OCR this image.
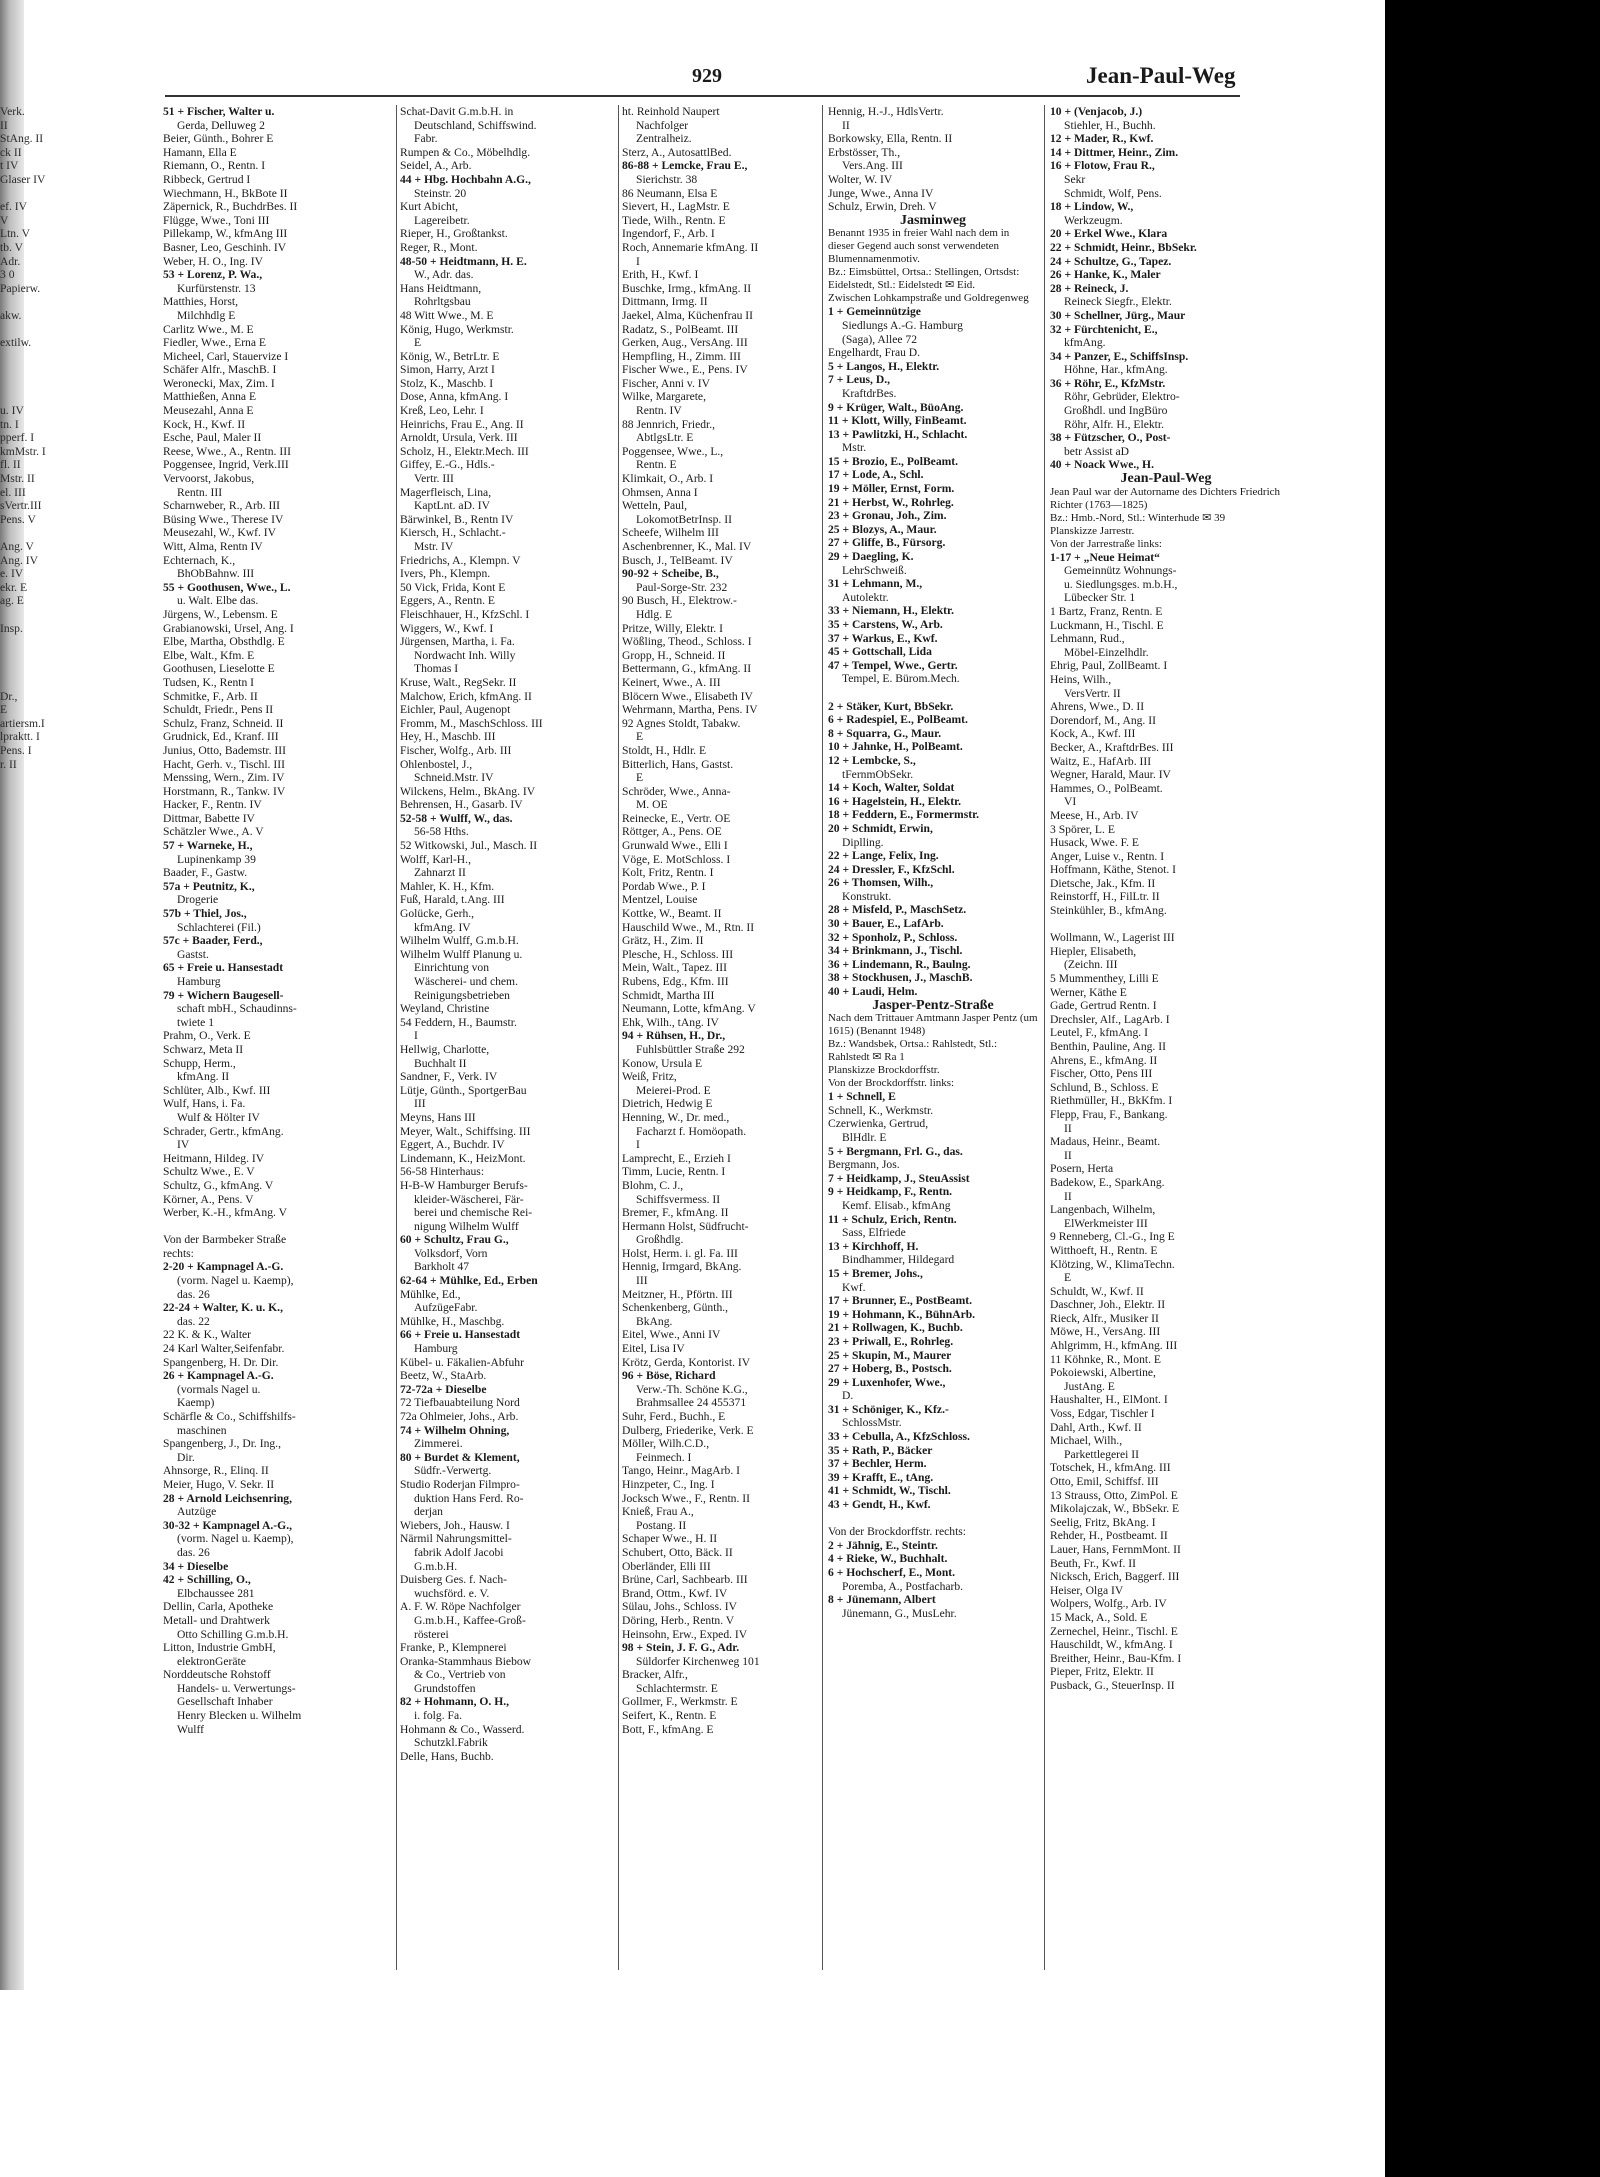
929	Jean-Paul-Weg

Verk.

II

StAng. II

ck II

t IV

Glaser IV

ef. IV

V

Ltn. V

tb. V

Adr.

3 0

Papierw.

akw.

extilw.

u. IV

tn. I

pperf. I

kmMstr. I

fl. II

Mstr. II

el. III

sVertr.III

Pens. V

Ang. V

Ang. IV

e. IV

ekr. E

ag. E

Insp.

Dr.,

E

artiersm.I

lpraktt. I

Pens. I

r. II

51 + Fischer, Walter u.

Gerda, Delluweg 2

Beier, Günth., Bohrer E

Hamann, Ella E

Riemann, O., Rentn. I

Ribbeck, Gertrud I

Wiechmann, H., BkBote II

Zäpernick, R., BuchdrBes. II

Flügge, Wwe., Toni III

Pillekamp, W., kfmAng III

Basner, Leo, Geschinh. IV

Weber, H. O., Ing. IV

53 + Lorenz, P. Wa.,

Kurfürstenstr. 13

Matthies, Horst,

Milchhdlg E

Carlitz Wwe., M. E

Fiedler, Wwe., Erna E

Micheel, Carl, Stauervize I

Schäfer Alfr., MaschB. I

Weronecki, Max, Zim. I

Matthießen, Anna E

Meusezahl, Anna E

Kock, H., Kwf. II

Esche, Paul, Maler II

Reese, Wwe., A., Rentn. III

Poggensee, Ingrid, Verk.III

Vervoorst, Jakobus,

Rentn. III

Scharnweber, R., Arb. III

Büsing Wwe., Therese IV

Meusezahl, W., Kwf. IV

Witt, Alma, Rentn IV

Echternach, K.,

BhObBahnw. III

55 + Goothusen, Wwe., L.

u. Walt. Elbe das.

Jürgens, W., Lebensm. E

Grabianowski, Ursel, Ang. I

Elbe, Martha, Obsthdlg. E

Elbe, Walt., Kfm. E

Goothusen, Lieselotte E

Tudsen, K., Rentn I

Schmitke, F., Arb. II

Schuldt, Friedr., Pens II

Schulz, Franz, Schneid. II

Grudnick, Ed., Kranf. III

Junius, Otto, Bademstr. III

Hacht, Gerh. v., Tischl. III

Menssing, Wern., Zim. IV

Horstmann, R., Tankw. IV

Hacker, F., Rentn. IV

Dittmar, Babette IV

Schätzler Wwe., A. V

57 + Warneke, H.,

Lupinenkamp 39

Baader, F., Gastw.

57a + Peutnitz, K.,

Drogerie

57b + Thiel, Jos.,

Schlachterei (Fil.)

57c + Baader, Ferd.,

Gastst.

65 + Freie u. Hansestadt

Hamburg

79 + Wichern Baugesell-

schaft mbH., Schaudinns-

twiete 1

Prahm, O., Verk. E

Schwarz, Meta II

Schupp, Herm.,

kfmAng. II

Schlüter, Alb., Kwf. III

Wulf, Hans, i. Fa.

Wulf & Hölter IV

Schrader, Gertr., kfmAng.

IV

Heitmann, Hildeg. IV

Schultz Wwe., E. V

Schultz, G., kfmAng. V

Körner, A., Pens. V

Werber, K.-H., kfmAng. V

Von der Barmbeker Straße

rechts:

2-20 + Kampnagel A.-G.

(vorm. Nagel u. Kaemp),

das. 26

22-24 + Walter, K. u. K.,

das. 22

22 K. & K., Walter

24 Karl Walter,Seifenfabr.

Spangenberg, H. Dr. Dir.

26 + Kampnagel A.-G.

(vormals Nagel u.

Kaemp)

Schärfle & Co., Schiffshilfs-

maschinen

Spangenberg, J., Dr. Ing.,

Dir.

Ahnsorge, R., Elinq. II

Meier, Hugo, V. Sekr. II

28 + Arnold Leichsenring,

Autzüge

30-32 + Kampnagel A.-G.,

(vorm. Nagel u. Kaemp),

das. 26

34 + Dieselbe

42 + Schilling, O.,

Elbchaussee 281

Dellin, Carla, Apotheke

Metall- und Drahtwerk

Otto Schilling G.m.b.H.

Litton, Industrie GmbH,

elektronGeräte

Norddeutsche Rohstoff

Handels- u. Verwertungs-

Gesellschaft Inhaber

Henry Blecken u. Wilhelm

Wulff

Schat-Davit G.m.b.H. in

Deutschland, Schiffswind.

Fabr.

Rumpen & Co., Möbelhdlg.

Seidel, A., Arb.

44 + Hbg. Hochbahn A.G.,

Steinstr. 20

Kurt Abicht,

Lagereibetr.

Rieper, H., Großtankst.

Reger, R., Mont.

48-50 + Heidtmann, H. E.

W., Adr. das.

Hans Heidtmann,

Rohrltgsbau

48 Witt Wwe., M. E

König, Hugo, Werkmstr.

E

König, W., BetrLtr. E

Simon, Harry, Arzt I

Stolz, K., Maschb. I

Dose, Anna, kfmAng. I

Kreß, Leo, Lehr. I

Heinrichs, Frau E., Ang. II

Arnoldt, Ursula, Verk. III

Scholz, H., Elektr.Mech. III

Giffey, E.-G., Hdls.-

Vertr. III

Magerfleisch, Lina,

KaptLnt. aD. IV

Bärwinkel, B., Rentn IV

Kiersch, H., Schlacht.-

Mstr. IV

Friedrichs, A., Klempn. V

Ivers, Ph., Klempn.

50 Vick, Frida, Kont E

Eggers, A., Rentn. E

Fleischhauer, H., KfzSchl. I

Wiggers, W., Kwf. I

Jürgensen, Martha, i. Fa.

Nordwacht Inh. Willy

Thomas I

Kruse, Walt., RegSekr. II

Malchow, Erich, kfmAng. II

Eichler, Paul, Augenopt

Fromm, M., MaschSchloss. III

Hey, H., Maschb. III

Fischer, Wolfg., Arb. III

Ohlenbostel, J.,

Schneid.Mstr. IV

Wilckens, Helm., BkAng. IV

Behrensen, H., Gasarb. IV

52-58 + Wulff, W., das.

56-58 Hths.

52 Witkowski, Jul., Masch. II

Wolff, Karl-H.,

Zahnarzt II

Mahler, K. H., Kfm.

Fuß, Harald, t.Ang. III

Golücke, Gerh.,

kfmAng. IV

Wilhelm Wulff, G.m.b.H.

Wilhelm Wulff Planung u.

Einrichtung von

Wäscherei- und chem.

Reinigungsbetrieben

Weyland, Christine

54 Feddern, H., Baumstr.

I

Hellwig, Charlotte,

Buchhalt II

Sandner, F., Verk. IV

Lütje, Günth., SportgerBau

III

Meyns, Hans III

Meyer, Walt., Schiffsing. III

Eggert, A., Buchdr. IV

Lindemann, K., HeizMont.

56-58 Hinterhaus:

H-B-W Hamburger Berufs-

kleider-Wäscherei, Fär-

berei und chemische Rei-

nigung Wilhelm Wulff

60 + Schultz, Frau G.,

Volksdorf, Vorn

Barkholt 47

62-64 + Mühlke, Ed., Erben

Mühlke, Ed.,

AufzügeFabr.

Mühlke, H., Maschbg.

66 + Freie u. Hansestadt

Hamburg

Kübel- u. Fäkalien-Abfuhr

Beetz, W., StaArb.

72-72a + Dieselbe

72 Tiefbauabteilung Nord

72a Ohlmeier, Johs., Arb.

74 + Wilhelm Ohning,

Zimmerei.

80 + Burdet & Klement,

Südfr.-Verwertg.

Studio Roderjan Filmpro-

duktion Hans Ferd. Ro-

derjan

Wiebers, Joh., Hausw. I

Närmil Nahrungsmittel-

fabrik Adolf Jacobi

G.m.b.H.

Duisberg Ges. f. Nach-

wuchsförd. e. V.

A. F. W. Röpe Nachfolger

G.m.b.H., Kaffee-Groß-

rösterei

Franke, P., Klempnerei

Oranka-Stammhaus Biebow

& Co., Vertrieb von

Grundstoffen

82 + Hohmann, O. H.,

i. folg. Fa.

Hohmann & Co., Wasserd.

Schutzkl.Fabrik

Delle, Hans, Buchb.

ht. Reinhold Naupert

Nachfolger

Zentralheiz.

Sterz, A., AutosattlBed.

86-88 + Lemcke, Frau E.,

Sierichstr. 38

86 Neumann, Elsa E

Sievert, H., LagMstr. E

Tiede, Wilh., Rentn. E

Ingendorf, F., Arb. I

Roch, Annemarie kfmAng. II

I

Erith, H., Kwf. I

Buschke, Irmg., kfmAng. II

Dittmann, Irmg. II

Jaekel, Alma, Küchenfrau II

Radatz, S., PolBeamt. III

Gerken, Aug., VersAng. III

Hempfling, H., Zimm. III

Fischer Wwe., E., Pens. IV

Fischer, Anni v. IV

Wilke, Margarete,

Rentn. IV

88 Jennrich, Friedr.,

AbtlgsLtr. E

Poggensee, Wwe., L.,

Rentn. E

Klimkait, O., Arb. I

Ohmsen, Anna I

Wetteln, Paul,

LokomotBetrInsp. II

Scheefe, Wilhelm III

Aschenbrenner, K., Mal. IV

Busch, J., TelBeamt. IV

90-92 + Scheibe, B.,

Paul-Sorge-Str. 232

90 Busch, H., Elektrow.-

Hdlg. E

Pritze, Willy, Elektr. I

Wößling, Theod., Schloss. I

Gropp, H., Schneid. II

Bettermann, G., kfmAng. II

Keinert, Wwe., A. III

Blöcern Wwe., Elisabeth IV

Wehrmann, Martha, Pens. IV

92 Agnes Stoldt, Tabakw.

E

Stoldt, H., Hdlr. E

Bitterlich, Hans, Gastst.

E

Schröder, Wwe., Anna-

M. OE

Reinecke, E., Vertr. OE

Röttger, A., Pens. OE

Grunwald Wwe., Elli I

Vöge, E. MotSchloss. I

Kolt, Fritz, Rentn. I

Pordab Wwe., P. I

Mentzel, Louise

Kottke, W., Beamt. II

Hauschild Wwe., M., Rtn. II

Grätz, H., Zim. II

Plesche, H., Schloss. III

Mein, Walt., Tapez. III

Rubens, Edg., Kfm. III

Schmidt, Martha III

Neumann, Lotte, kfmAng. V

Ehk, Wilh., tAng. IV

94 + Rühsen, H., Dr.,

Fuhlsbüttler Straße 292

Konow, Ursula E

Weiß, Fritz,

Meierei-Prod. E

Dietrich, Hedwig E

Henning, W., Dr. med.,

Facharzt f. Homöopath.

I

Lamprecht, E., Erzieh I

Timm, Lucie, Rentn. I

Blohm, C. J.,

Schiffsvermess. II

Bremer, F., kfmAng. II

Hermann Holst, Südfrucht-

Großhdlg.

Holst, Herm. i. gl. Fa. III

Hennig, Irmgard, BkAng.

III

Meitzner, H., Pförtn. III

Schenkenberg, Günth.,

BkAng.

Eitel, Wwe., Anni IV

Eitel, Lisa IV

Krötz, Gerda, Kontorist. IV

96 + Böse, Richard

Verw.-Th. Schöne K.G.,

Brahmsallee 24 455371

Suhr, Ferd., Buchh., E

Dulberg, Friederike, Verk. E

Möller, Wilh.C.D.,

Feinmech. I

Tango, Heinr., MagArb. I

Hinzpeter, C., Ing. I

Jocksch Wwe., F., Rentn. II

Knieß, Frau A.,

Postang. II

Schaper Wwe., H. II

Schubert, Otto, Bäck. II

Oberländer, Elli III

Brüne, Carl, Sachbearb. III

Brand, Ottm., Kwf. IV

Sülau, Johs., Schloss. IV

Döring, Herb., Rentn. V

Heinsohn, Erw., Exped. IV

98 + Stein, J. F. G., Adr.

Süldorfer Kirchenweg 101

Bracker, Alfr.,

Schlachtermstr. E

Gollmer, F., Werkmstr. E

Seifert, K., Rentn. E

Bott, F., kfmAng. E

Hennig, H.-J., HdlsVertr.

II

Borkowsky, Ella, Rentn. II

Erbstösser, Th.,

Vers.Ang. III

Wolter, W. IV

Junge, Wwe., Anna IV

Schulz, Erwin, Dreh. V

Jasminweg

Benannt 1935 in freier Wahl nach dem in dieser Gegend auch sonst verwendeten Blumennamenmotiv.

Bz.: Eimsbüttel, Ortsa.: Stellingen, Ortsdst: Eidelstedt, Stl.: Eidelstedt ✉ Eid.

Zwischen Lohkampstraße und Goldregenweg

1 + Gemeinnützige

Siedlungs A.-G. Hamburg

(Saga), Allee 72

Engelhardt, Frau D.

5 + Langos, H., Elektr.

7 + Leus, D.,

KraftdrBes.

9 + Krüger, Walt., BüoAng.

11 + Klott, Willy, FinBeamt.

13 + Pawlitzki, H., Schlacht.

Mstr.

15 + Brozio, E., PolBeamt.

17 + Lode, A., Schl.

19 + Möller, Ernst, Form.

21 + Herbst, W., Rohrleg.

23 + Gronau, Joh., Zim.

25 + Blozys, A., Maur.

27 + Gliffe, B., Fürsorg.

29 + Daegling, K.

LehrSchweiß.

31 + Lehmann, M.,

Autolektr.

33 + Niemann, H., Elektr.

35 + Carstens, W., Arb.

37 + Warkus, E., Kwf.

45 + Gottschall, Lida

47 + Tempel, Wwe., Gertr.

Tempel, E. Bürom.Mech.

2 + Stäker, Kurt, BbSekr.

6 + Radespiel, E., PolBeamt.

8 + Squarra, G., Maur.

10 + Jahnke, H., PolBeamt.

12 + Lembcke, S.,

tFernmObSekr.

14 + Koch, Walter, Soldat

16 + Hagelstein, H., Elektr.

18 + Feddern, E., Formermstr.

20 + Schmidt, Erwin,

Diplling.

22 + Lange, Felix, Ing.

24 + Dressler, F., KfzSchl.

26 + Thomsen, Wilh.,

Konstrukt.

28 + Misfeld, P., MaschSetz.

30 + Bauer, E., LafArb.

32 + Sponholz, P., Schloss.

34 + Brinkmann, J., Tischl.

36 + Lindemann, R., Baulng.

38 + Stockhusen, J., MaschB.

40 + Laudi, Helm.

Jasper-Pentz-Straße

Nach dem Trittauer Amtmann Jasper Pentz (um 1615) (Benannt 1948)

Bz.: Wandsbek, Ortsa.: Rahlstedt, Stl.: Rahlstedt ✉ Ra 1

Planskizze Brockdorffstr.

Von der Brockdorffstr. links:

1 + Schnell, E

Schnell, K., Werkmstr.

Czerwienka, Gertrud,

BlHdlr. E

5 + Bergmann, Frl. G., das.

Bergmann, Jos.

7 + Heidkamp, J., SteuAssist

9 + Heidkamp, F., Rentn.

Kemf. Elisab., kfmAng

11 + Schulz, Erich, Rentn.

Sass, Elfriede

13 + Kirchhoff, H.

Bindhammer, Hildegard

15 + Bremer, Johs.,

Kwf.

17 + Brunner, E., PostBeamt.

19 + Hohmann, K., BühnArb.

21 + Rollwagen, K., Buchb.

23 + Priwall, E., Rohrleg.

25 + Skupin, M., Maurer

27 + Hoberg, B., Postsch.

29 + Luxenhofer, Wwe.,

D.

31 + Schöniger, K., Kfz.-

SchlossMstr.

33 + Cebulla, A., KfzSchloss.

35 + Rath, P., Bäcker

37 + Bechler, Herm.

39 + Krafft, E., tAng.

41 + Schmidt, W., Tischl.

43 + Gendt, H., Kwf.

Von der Brockdorffstr. rechts:

2 + Jähnig, E., Steintr.

4 + Rieke, W., Buchhalt.

6 + Hochscherf, E., Mont.

Poremba, A., Postfacharb.

8 + Jünemann, Albert

Jünemann, G., MusLehr.

10 + (Venjacob, J.)

Stiehler, H., Buchh.

12 + Mader, R., Kwf.

14 + Dittmer, Heinr., Zim.

16 + Flotow, Frau R.,

Sekr

Schmidt, Wolf, Pens.

18 + Lindow, W.,

Werkzeugm.

20 + Erkel Wwe., Klara

22 + Schmidt, Heinr., BbSekr.

24 + Schultze, G., Tapez.

26 + Hanke, K., Maler

28 + Reineck, J.

Reineck Siegfr., Elektr.

30 + Schellner, Jürg., Maur

32 + Fürchtenicht, E.,

kfmAng.

34 + Panzer, E., SchiffsInsp.

Höhne, Har., kfmAng.

36 + Röhr, E., KfzMstr.

Röhr, Gebrüder, Elektro-

Großhdl. und IngBüro

Röhr, Alfr. H., Elektr.

38 + Fützscher, O., Post-

betr Assist aD

40 + Noack Wwe., H.

Jean-Paul-Weg

Jean Paul war der Autorname des Dichters Friedrich Richter (1763—1825)

Bz.: Hmb.-Nord, Stl.: Winterhude ✉ 39

Planskizze Jarrestr.

Von der Jarrestraße links:

1-17 + „Neue Heimat“

Gemeinnütz Wohnungs-

u. Siedlungsges. m.b.H.,

Lübecker Str. 1

1 Bartz, Franz, Rentn. E

Luckmann, H., Tischl. E

Lehmann, Rud.,

Möbel-Einzelhdlr.

Ehrig, Paul, ZollBeamt. I

Heins, Wilh.,

VersVertr. II

Ahrens, Wwe., D. II

Dorendorf, M., Ang. II

Kock, A., Kwf. III

Becker, A., KraftdrBes. III

Waitz, E., HafArb. III

Wegner, Harald, Maur. IV

Hammes, O., PolBeamt.

VI

Meese, H., Arb. IV

3 Spörer, L. E

Husack, Wwe. F. E

Anger, Luise v., Rentn. I

Hoffmann, Käthe, Stenot. I

Dietsche, Jak., Kfm. II

Reinstorff, H., FilLtr. II

Steinkühler, B., kfmAng.

Wollmann, W., Lagerist III

Hiepler, Elisabeth,

(Zeichn. III

5 Mummenthey, Lilli E

Werner, Käthe E

Gade, Gertrud Rentn. I

Drechsler, Alf., LagArb. I

Leutel, F., kfmAng. I

Benthin, Pauline, Ang. II

Ahrens, E., kfmAng. II

Fischer, Otto, Pens III

Schlund, B., Schloss. E

Riethmüller, H., BkKfm. I

Flepp, Frau, F., Bankang.

II

Madaus, Heinr., Beamt.

II

Posern, Herta

Badekow, E., SparkAng.

II

Langenbach, Wilhelm,

ElWerkmeister III

9 Renneberg, Cl.-G., Ing E

Witthoeft, H., Rentn. E

Klötzing, W., KlimaTechn.

E

Schuldt, W., Kwf. II

Daschner, Joh., Elektr. II

Rieck, Alfr., Musiker II

Möwe, H., VersAng. III

Ahlgrimm, H., kfmAng. III

11 Köhnke, R., Mont. E

Pokoiewski, Albertine,

JustAng. E

Haushalter, H., ElMont. I

Voss, Edgar, Tischler I

Dahl, Arth., Kwf. II

Michael, Wilh.,

Parkettlegerei II

Totschek, H., kfmAng. III

Otto, Emil, Schiffsf. III

13 Strauss, Otto, ZimPol. E

Mikolajczak, W., BbSekr. E

Seelig, Fritz, BkAng. I

Rehder, H., Postbeamt. II

Lauer, Hans, FernmMont. II

Beuth, Fr., Kwf. II

Nicksch, Erich, Baggerf. III

Heiser, Olga IV

Wolpers, Wolfg., Arb. IV

15 Mack, A., Sold. E

Zernechel, Heinr., Tischl. E

Hauschildt, W., kfmAng. I

Breither, Heinr., Bau-Kfm. I

Pieper, Fritz, Elektr. II

Pusback, G., SteuerInsp. II
